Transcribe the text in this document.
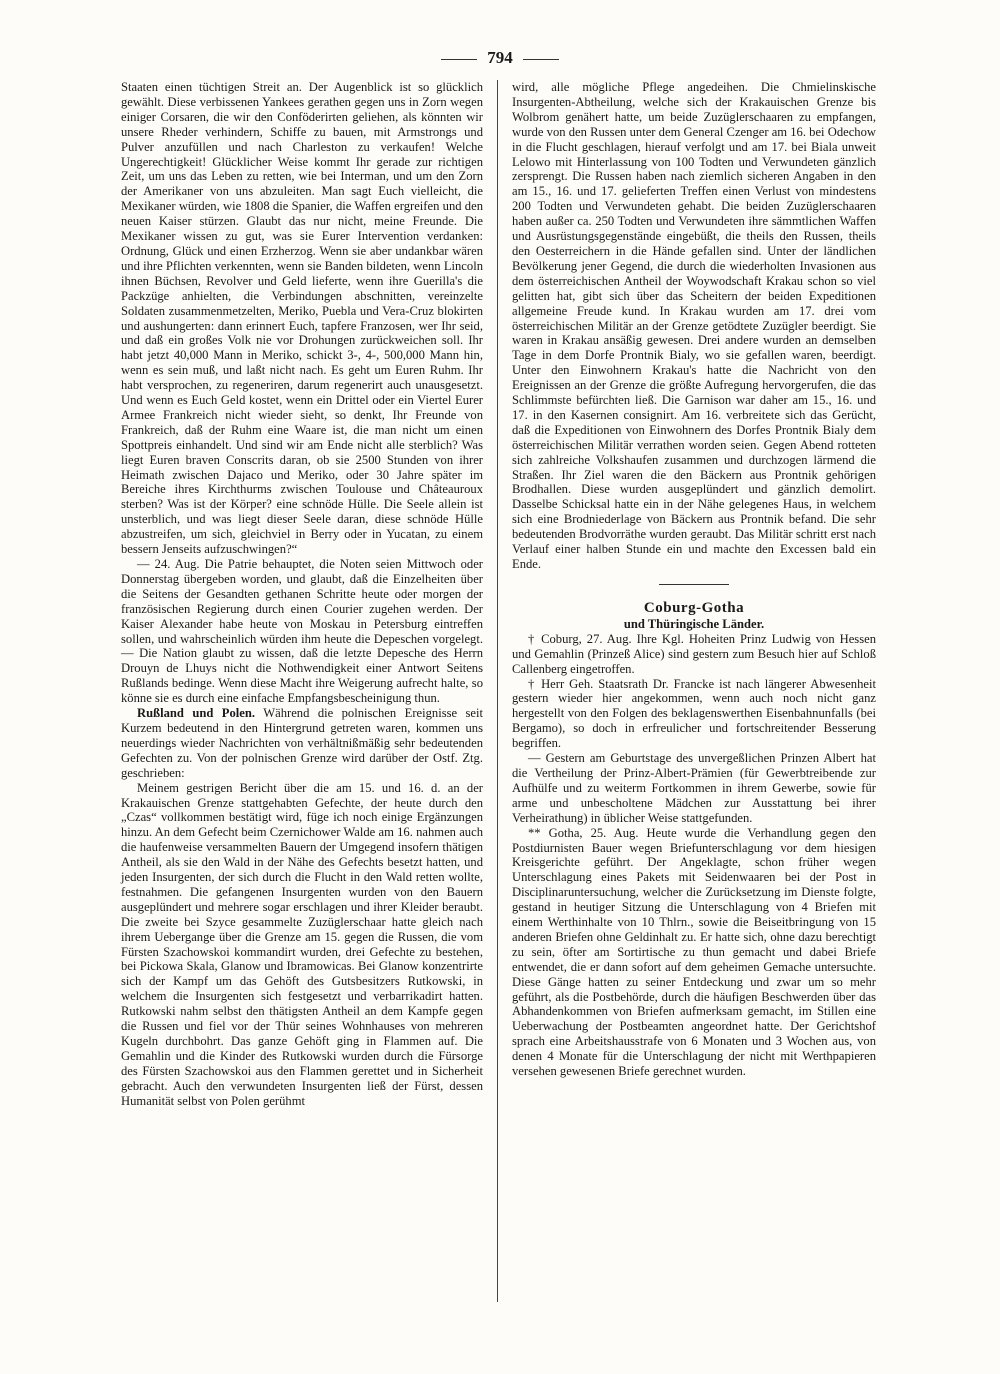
794

Staaten einen tüchtigen Streit an. Der Augenblick ist so glücklich gewählt. Diese verbissenen Yankees gerathen gegen uns in Zorn wegen einiger Corsaren, die wir den Conföderirten geliehen, als könnten wir unsere Rheder verhindern, Schiffe zu bauen, mit Armstrongs und Pulver anzufüllen und nach Charleston zu verkaufen! Welche Ungerechtigkeit! Glücklicher Weise kommt Ihr gerade zur richtigen Zeit, um uns das Leben zu retten, wie bei Interman, und um den Zorn der Amerikaner von uns abzuleiten. Man sagt Euch vielleicht, die Mexikaner würden, wie 1808 die Spanier, die Waffen ergreifen und den neuen Kaiser stürzen. Glaubt das nur nicht, meine Freunde. Die Mexikaner wissen zu gut, was sie Eurer Intervention verdanken: Ordnung, Glück und einen Erzherzog. Wenn sie aber undankbar wären und ihre Pflichten verkennten, wenn sie Banden bildeten, wenn Lincoln ihnen Büchsen, Revolver und Geld lieferte, wenn ihre Guerilla's die Packzüge anhielten, die Verbindungen abschnitten, vereinzelte Soldaten zusammenmetzelten, Meriko, Puebla und Vera-Cruz blokirten und aushungerten: dann erinnert Euch, tapfere Franzosen, wer Ihr seid, und daß ein großes Volk nie vor Drohungen zurückweichen soll. Ihr habt jetzt 40,000 Mann in Meriko, schickt 3-, 4-, 500,000 Mann hin, wenn es sein muß, und laßt nicht nach. Es geht um Euren Ruhm. Ihr habt versprochen, zu regeneriren, darum regenerirt auch unausgesetzt. Und wenn es Euch Geld kostet, wenn ein Drittel oder ein Viertel Eurer Armee Frankreich nicht wieder sieht, so denkt, Ihr Freunde von Frankreich, daß der Ruhm eine Waare ist, die man nicht um einen Spottpreis einhandelt. Und sind wir am Ende nicht alle sterblich? Was liegt Euren braven Conscrits daran, ob sie 2500 Stunden von ihrer Heimath zwischen Dajaco und Meriko, oder 30 Jahre später im Bereiche ihres Kirchthurms zwischen Toulouse und Châteauroux sterben? Was ist der Körper? eine schnöde Hülle. Die Seele allein ist unsterblich, und was liegt dieser Seele daran, diese schnöde Hülle abzustreifen, um sich, gleichviel in Berry oder in Yucatan, zu einem bessern Jenseits aufzuschwingen?“

— 24. Aug. Die Patrie behauptet, die Noten seien Mittwoch oder Donnerstag übergeben worden, und glaubt, daß die Einzelheiten über die Seitens der Gesandten gethanen Schritte heute oder morgen der französischen Regierung durch einen Courier zugehen werden. Der Kaiser Alexander habe heute von Moskau in Petersburg eintreffen sollen, und wahrscheinlich würden ihm heute die Depeschen vorgelegt. — Die Nation glaubt zu wissen, daß die letzte Depesche des Herrn Drouyn de Lhuys nicht die Nothwendigkeit einer Antwort Seitens Rußlands bedinge. Wenn diese Macht ihre Weigerung aufrecht halte, so könne sie es durch eine einfache Empfangsbescheinigung thun.

Rußland und Polen. Während die polnischen Ereignisse seit Kurzem bedeutend in den Hintergrund getreten waren, kommen uns neuerdings wieder Nachrichten von verhältnißmäßig sehr bedeutenden Gefechten zu. Von der polnischen Grenze wird darüber der Ostf. Ztg. geschrieben:

Meinem gestrigen Bericht über die am 15. und 16. d. an der Krakauischen Grenze stattgehabten Gefechte, der heute durch den „Czas“ vollkommen bestätigt wird, füge ich noch einige Ergänzungen hinzu. An dem Gefecht beim Czernichower Walde am 16. nahmen auch die haufenweise versammelten Bauern der Umgegend insofern thätigen Antheil, als sie den Wald in der Nähe des Gefechts besetzt hatten, und jeden Insurgenten, der sich durch die Flucht in den Wald retten wollte, festnahmen. Die gefangenen Insurgenten wurden von den Bauern ausgeplündert und mehrere sogar erschlagen und ihrer Kleider beraubt. Die zweite bei Szyce gesammelte Zuzüglerschaar hatte gleich nach ihrem Uebergange über die Grenze am 15. gegen die Russen, die vom Fürsten Szachowskoi kommandirt wurden, drei Gefechte zu bestehen, bei Pickowa Skala, Glanow und Ibramowicas. Bei Glanow konzentrirte sich der Kampf um das Gehöft des Gutsbesitzers Rutkowski, in welchem die Insurgenten sich festgesetzt und verbarrikadirt hatten. Rutkowski nahm selbst den thätigsten Antheil an dem Kampfe gegen die Russen und fiel vor der Thür seines Wohnhauses von mehreren Kugeln durchbohrt. Das ganze Gehöft ging in Flammen auf. Die Gemahlin und die Kinder des Rutkowski wurden durch die Fürsorge des Fürsten Szachowskoi aus den Flammen gerettet und in Sicherheit gebracht. Auch den verwundeten Insurgenten ließ der Fürst, dessen Humanität selbst von Polen gerühmt

wird, alle mögliche Pflege angedeihen. Die Chmielinskische Insurgenten-Abtheilung, welche sich der Krakauischen Grenze bis Wolbrom genähert hatte, um beide Zuzüglerschaaren zu empfangen, wurde von den Russen unter dem General Czenger am 16. bei Odechow in die Flucht geschlagen, hierauf verfolgt und am 17. bei Biala unweit Lelowo mit Hinterlassung von 100 Todten und Verwundeten gänzlich zersprengt. Die Russen haben nach ziemlich sicheren Angaben in den am 15., 16. und 17. gelieferten Treffen einen Verlust von mindestens 200 Todten und Verwundeten gehabt. Die beiden Zuzüglerschaaren haben außer ca. 250 Todten und Verwundeten ihre sämmtlichen Waffen und Ausrüstungsgegenstände eingebüßt, die theils den Russen, theils den Oesterreichern in die Hände gefallen sind. Unter der ländlichen Bevölkerung jener Gegend, die durch die wiederholten Invasionen aus dem österreichischen Antheil der Woywodschaft Krakau schon so viel gelitten hat, gibt sich über das Scheitern der beiden Expeditionen allgemeine Freude kund. In Krakau wurden am 17. drei vom österreichischen Militär an der Grenze getödtete Zuzügler beerdigt. Sie waren in Krakau ansäßig gewesen. Drei andere wurden an demselben Tage in dem Dorfe Prontnik Bialy, wo sie gefallen waren, beerdigt. Unter den Einwohnern Krakau's hatte die Nachricht von den Ereignissen an der Grenze die größte Aufregung hervorgerufen, die das Schlimmste befürchten ließ. Die Garnison war daher am 15., 16. und 17. in den Kasernen consignirt. Am 16. verbreitete sich das Gerücht, daß die Expeditionen von Einwohnern des Dorfes Prontnik Bialy dem österreichischen Militär verrathen worden seien. Gegen Abend rotteten sich zahlreiche Volkshaufen zusammen und durchzogen lärmend die Straßen. Ihr Ziel waren die den Bäckern aus Prontnik gehörigen Brodhallen. Diese wurden ausgeplündert und gänzlich demolirt. Dasselbe Schicksal hatte ein in der Nähe gelegenes Haus, in welchem sich eine Brodniederlage von Bäckern aus Prontnik befand. Die sehr bedeutenden Brodvorräthe wurden geraubt. Das Militär schritt erst nach Verlauf einer halben Stunde ein und machte den Excessen bald ein Ende.

Coburg-Gotha

und Thüringische Länder.

† Coburg, 27. Aug. Ihre Kgl. Hoheiten Prinz Ludwig von Hessen und Gemahlin (Prinzeß Alice) sind gestern zum Besuch hier auf Schloß Callenberg eingetroffen.

† Herr Geh. Staatsrath Dr. Francke ist nach längerer Abwesenheit gestern wieder hier angekommen, wenn auch noch nicht ganz hergestellt von den Folgen des beklagenswerthen Eisenbahnunfalls (bei Bergamo), so doch in erfreulicher und fortschreitender Besserung begriffen.

— Gestern am Geburtstage des unvergeßlichen Prinzen Albert hat die Vertheilung der Prinz-Albert-Prämien (für Gewerbtreibende zur Aufhülfe und zu weiterm Fortkommen in ihrem Gewerbe, sowie für arme und unbescholtene Mädchen zur Ausstattung bei ihrer Verheirathung) in üblicher Weise stattgefunden.

** Gotha, 25. Aug. Heute wurde die Verhandlung gegen den Postdiurnisten Bauer wegen Briefunterschlagung vor dem hiesigen Kreisgerichte geführt. Der Angeklagte, schon früher wegen Unterschlagung eines Pakets mit Seidenwaaren bei der Post in Disciplinaruntersuchung, welcher die Zurücksetzung im Dienste folgte, gestand in heutiger Sitzung die Unterschlagung von 4 Briefen mit einem Werthinhalte von 10 Thlrn., sowie die Beiseitbringung von 15 anderen Briefen ohne Geldinhalt zu. Er hatte sich, ohne dazu berechtigt zu sein, öfter am Sortirtische zu thun gemacht und dabei Briefe entwendet, die er dann sofort auf dem geheimen Gemache untersuchte. Diese Gänge hatten zu seiner Entdeckung und zwar um so mehr geführt, als die Postbehörde, durch die häufigen Beschwerden über das Abhandenkommen von Briefen aufmerksam gemacht, im Stillen eine Ueberwachung der Postbeamten angeordnet hatte. Der Gerichtshof sprach eine Arbeitshausstrafe von 6 Monaten und 3 Wochen aus, von denen 4 Monate für die Unterschlagung der nicht mit Werthpapieren versehen gewesenen Briefe gerechnet wurden.
